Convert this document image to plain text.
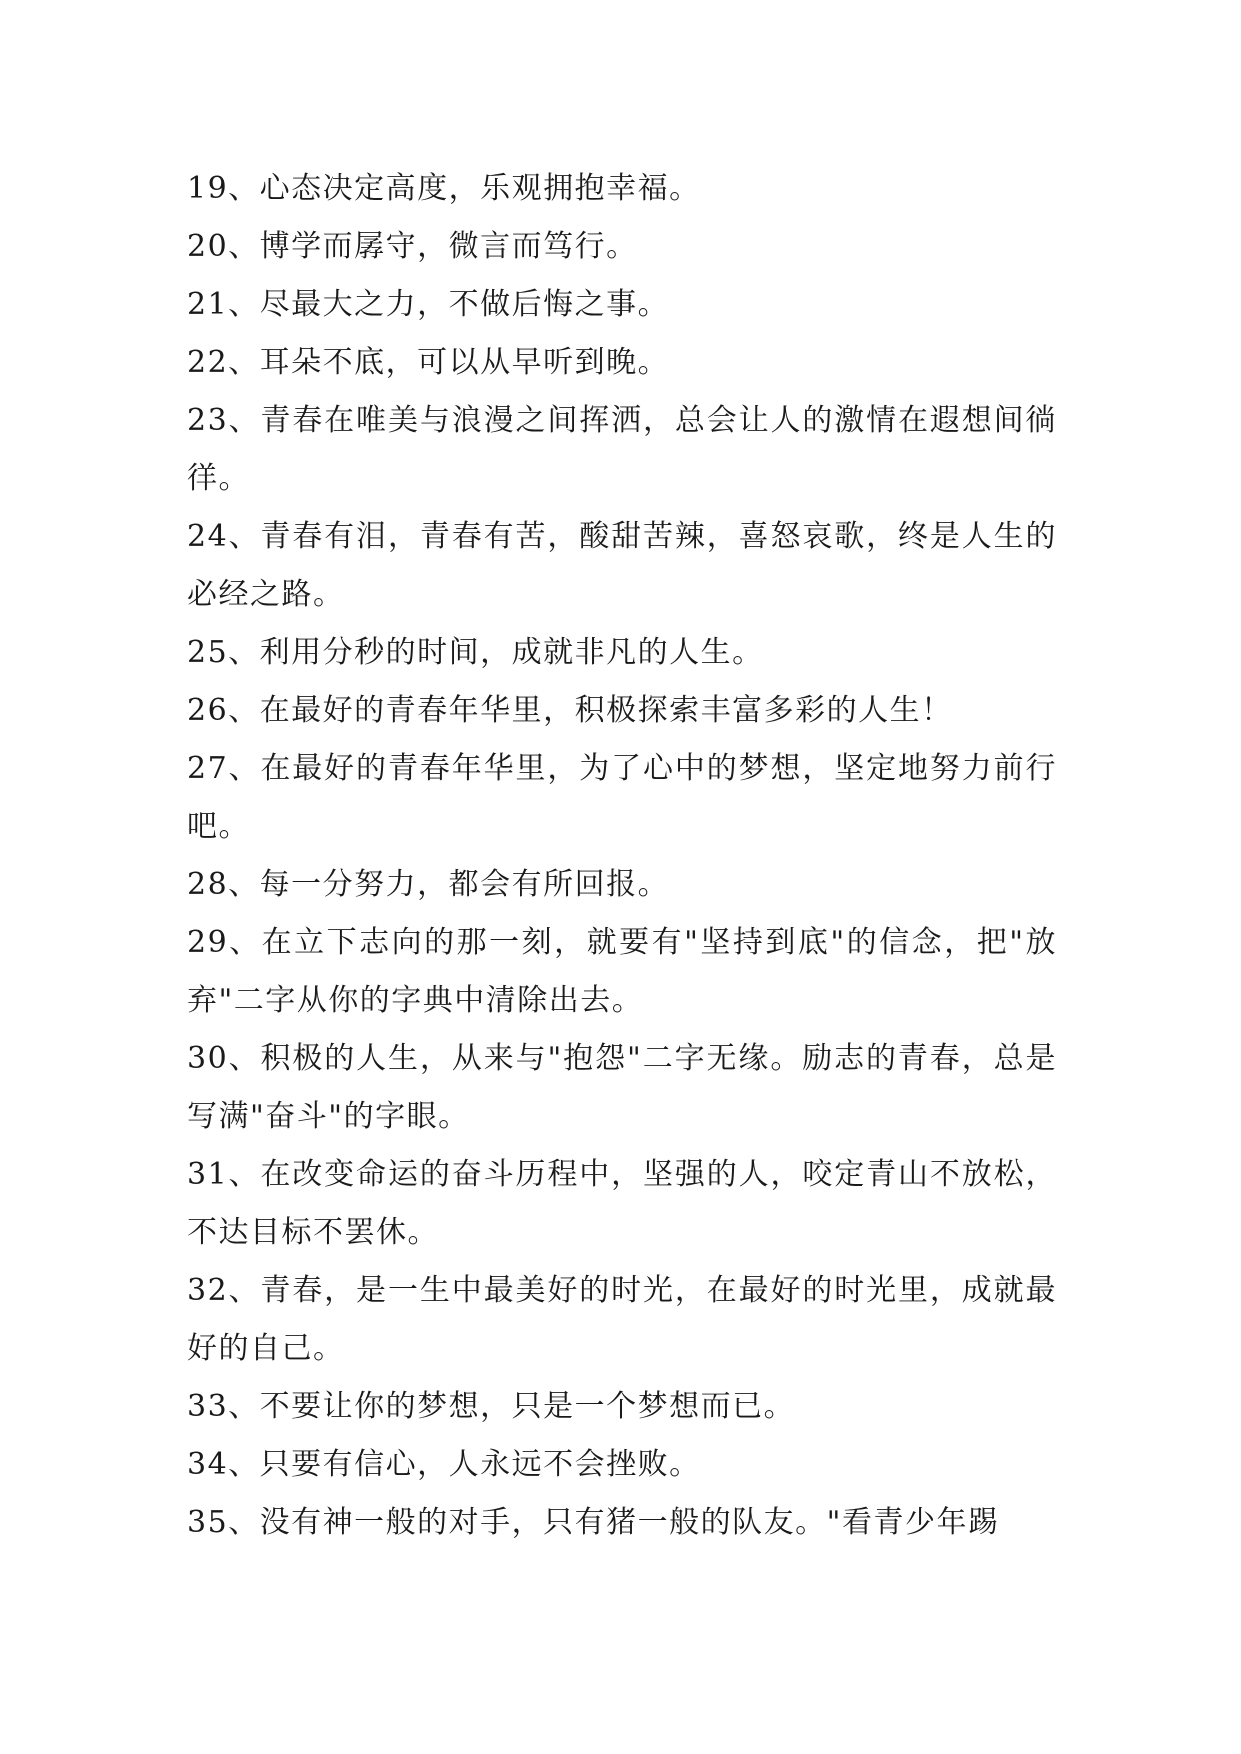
19、心态决定高度，乐观拥抱幸福。

20、博学而孱守，微言而笃行。

21、尽最大之力，不做后悔之事。

22、耳朵不底，可以从早听到晚。

23、青春在唯美与浪漫之间挥洒，总会让人的激情在遐想间徜徉。

24、青春有泪，青春有苦，酸甜苦辣，喜怒哀歌，终是人生的必经之路。

25、利用分秒的时间，成就非凡的人生。

26、在最好的青春年华里，积极探索丰富多彩的人生！

27、在最好的青春年华里，为了心中的梦想，坚定地努力前行吧。

28、每一分努力，都会有所回报。

29、在立下志向的那一刻，就要有"坚持到底"的信念，把"放弃"二字从你的字典中清除出去。

30、积极的人生，从来与"抱怨"二字无缘。励志的青春，总是写满"奋斗"的字眼。

31、在改变命运的奋斗历程中，坚强的人，咬定青山不放松，不达目标不罢休。

32、青春，是一生中最美好的时光，在最好的时光里，成就最好的自己。

33、不要让你的梦想，只是一个梦想而已。

34、只要有信心，人永远不会挫败。

35、没有神一般的对手，只有猪一般的队友。"看青少年踢
